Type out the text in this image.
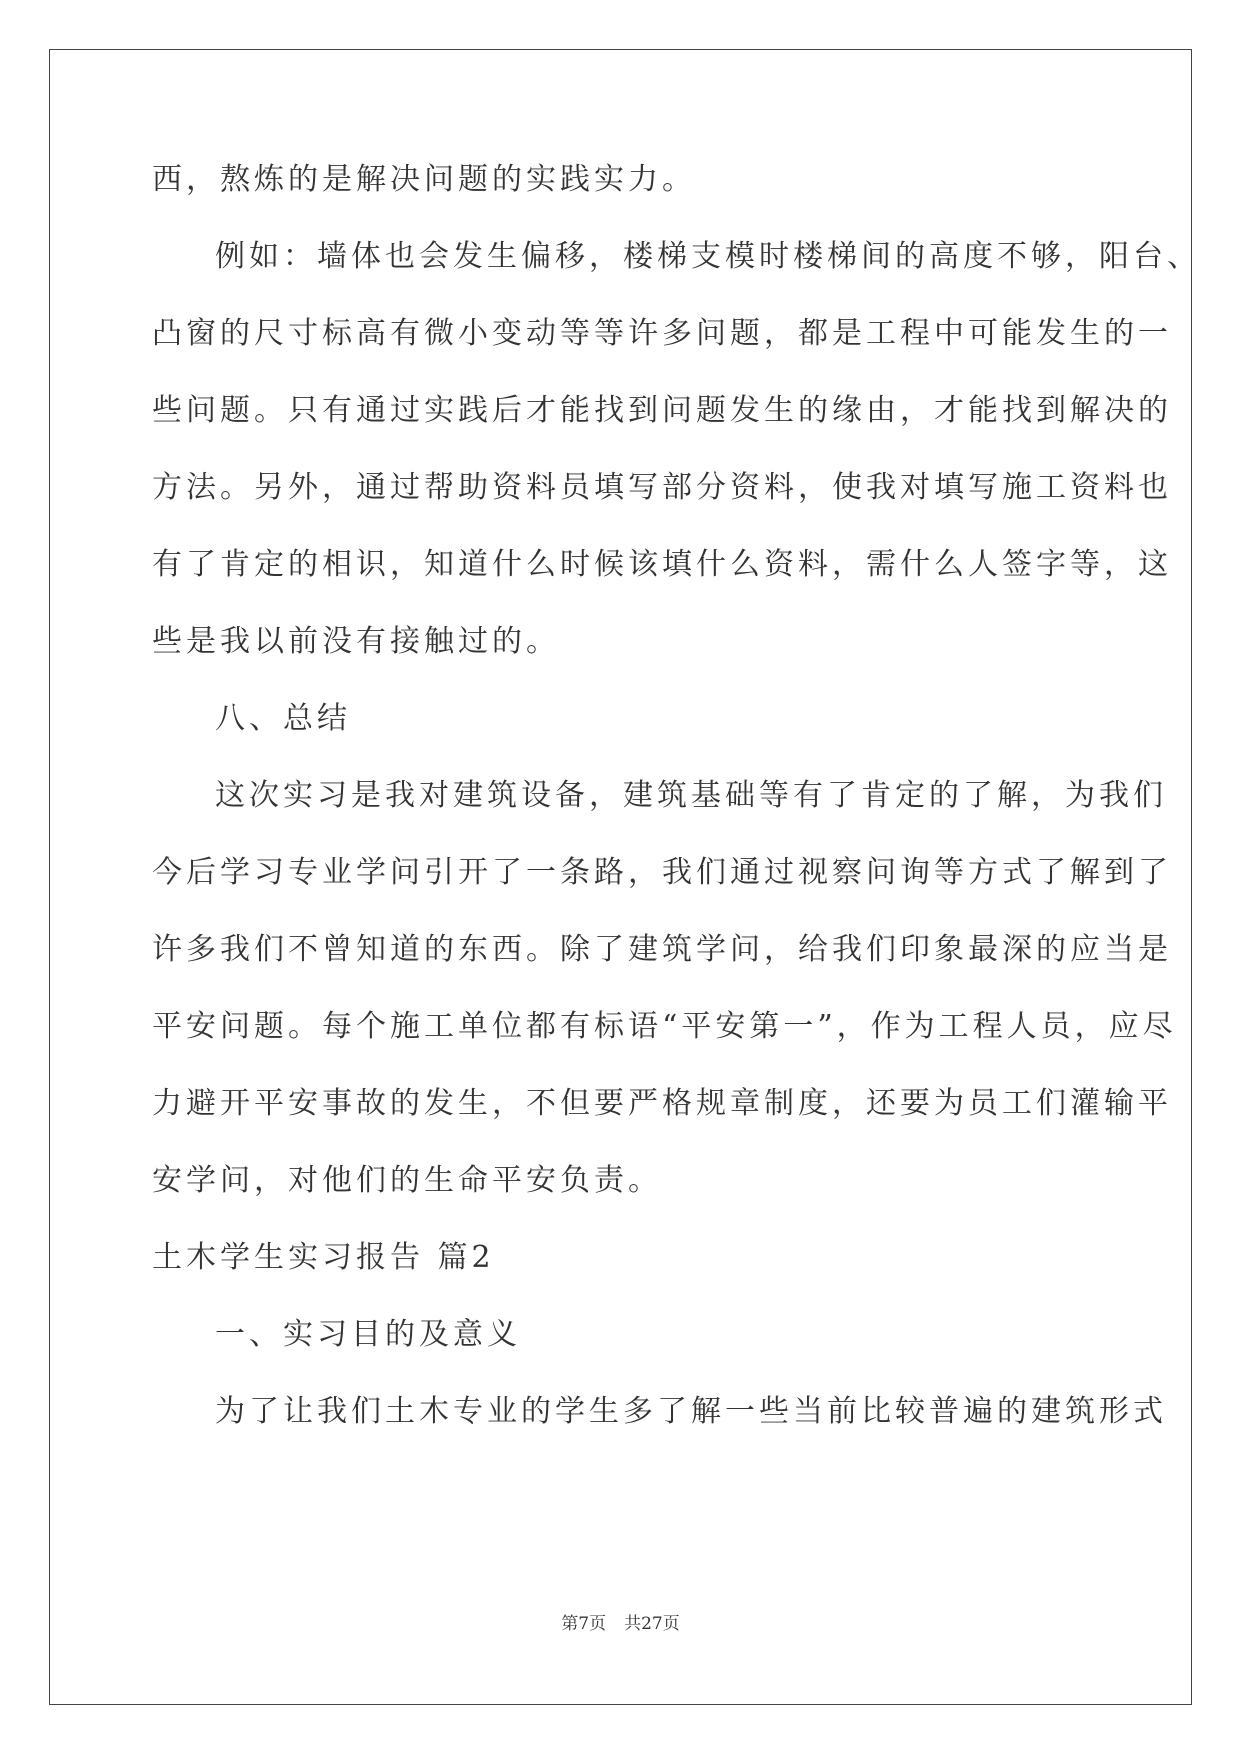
西，熬炼的是解决问题的实践实力。
例如：墙体也会发生偏移，楼梯支模时楼梯间的高度不够，阳台、
凸窗的尺寸标高有微小变动等等许多问题，都是工程中可能发生的一
些问题。只有通过实践后才能找到问题发生的缘由，才能找到解决的
方法。另外，通过帮助资料员填写部分资料，使我对填写施工资料也
有了肯定的相识，知道什么时候该填什么资料，需什么人签字等，这
些是我以前没有接触过的。
八、总结
这次实习是我对建筑设备，建筑基础等有了肯定的了解，为我们
今后学习专业学问引开了一条路，我们通过视察问询等方式了解到了
许多我们不曾知道的东西。除了建筑学问，给我们印象最深的应当是
平安问题。每个施工单位都有标语“平安第一”，作为工程人员，应尽
力避开平安事故的发生，不但要严格规章制度，还要为员工们灌输平
安学问，对他们的生命平安负责。
土木学生实习报告 篇2
一、实习目的及意义
为了让我们土木专业的学生多了解一些当前比较普遍的建筑形式
第7页 共27页
